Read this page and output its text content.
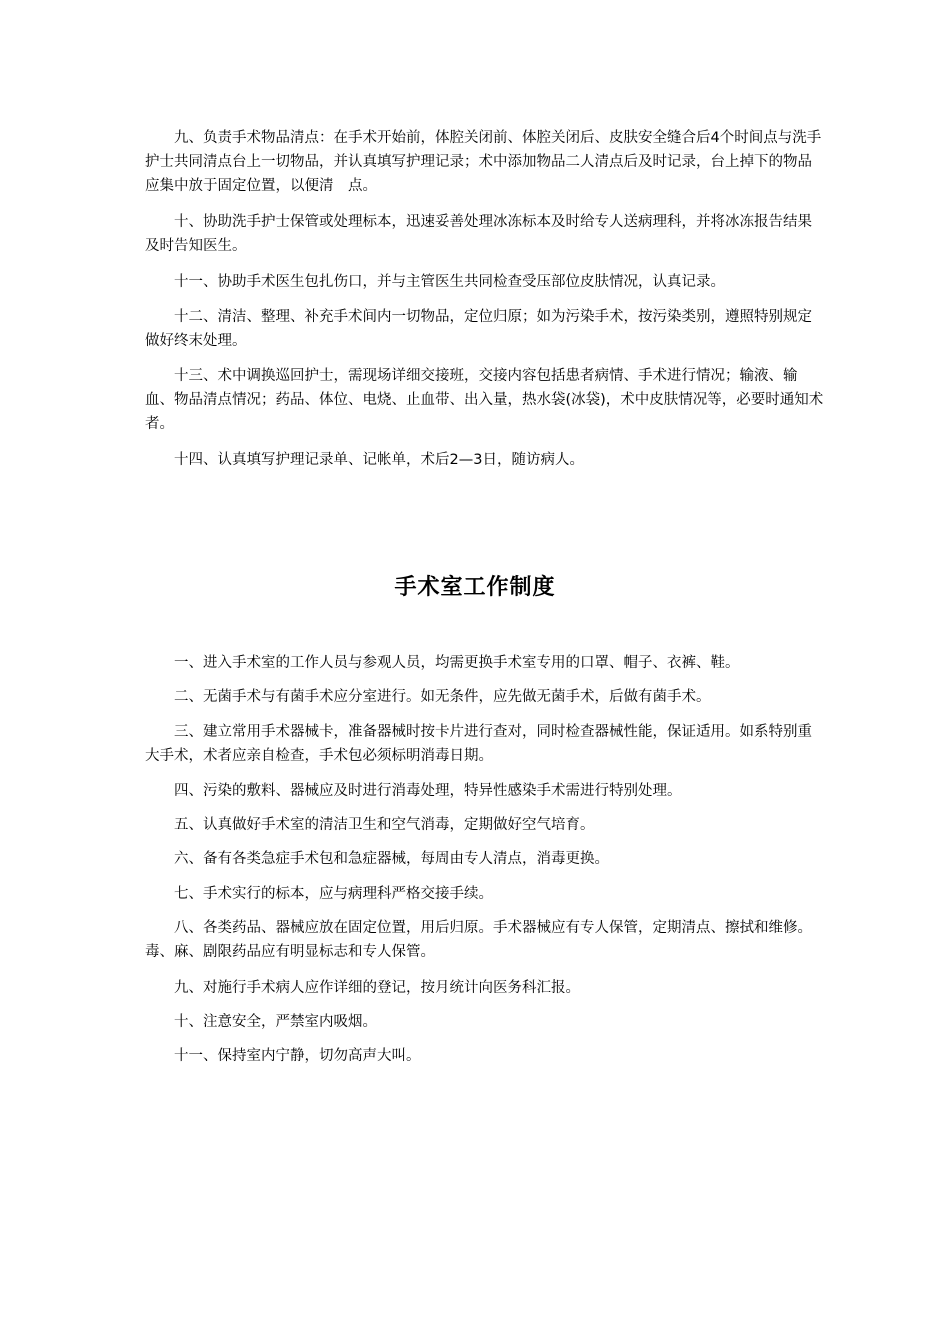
九、负责手术物品清点：在手术开始前，体腔关闭前、体腔关闭后、皮肤安全缝合后4个时间点与洗手护士共同清点台上一切物品，并认真填写护理记录；术中添加物品二人清点后及时记录，台上掉下的物品应集中放于固定位置，以便清　点。

十、协助洗手护士保管或处理标本，迅速妥善处理冰冻标本及时给专人送病理科，并将冰冻报告结果及时告知医生。

十一、协助手术医生包扎伤口，并与主管医生共同检查受压部位皮肤情况，认真记录。

十二、清洁、整理、补充手术间内一切物品，定位归原；如为污染手术，按污染类别，遵照特别规定做好终末处理。

十三、术中调换巡回护士，需现场详细交接班，交接内容包括患者病情、手术进行情况；输液、输血、物品清点情况；药品、体位、电烧、止血带、出入量，热水袋(冰袋)，术中皮肤情况等，必要时通知术者。

十四、认真填写护理记录单、记帐单，术后2—3日，随访病人。

手术室工作制度

一、进入手术室的工作人员与参观人员，均需更换手术室专用的口罩、帽子、衣裤、鞋。

二、无菌手术与有菌手术应分室进行。如无条件，应先做无菌手术，后做有菌手术。

三、建立常用手术器械卡，准备器械时按卡片进行查对，同时检查器械性能，保证适用。如系特别重大手术，术者应亲自检查，手术包必须标明消毒日期。

四、污染的敷料、器械应及时进行消毒处理，特异性感染手术需进行特别处理。

五、认真做好手术室的清洁卫生和空气消毒，定期做好空气培育。

六、备有各类急症手术包和急症器械，每周由专人清点，消毒更换。

七、手术实行的标本，应与病理科严格交接手续。

八、各类药品、器械应放在固定位置，用后归原。手术器械应有专人保管，定期清点、擦拭和维修。毒、麻、剧限药品应有明显标志和专人保管。

九、对施行手术病人应作详细的登记，按月统计向医务科汇报。

十、注意安全，严禁室内吸烟。

十一、保持室内宁静，切勿高声大叫。
